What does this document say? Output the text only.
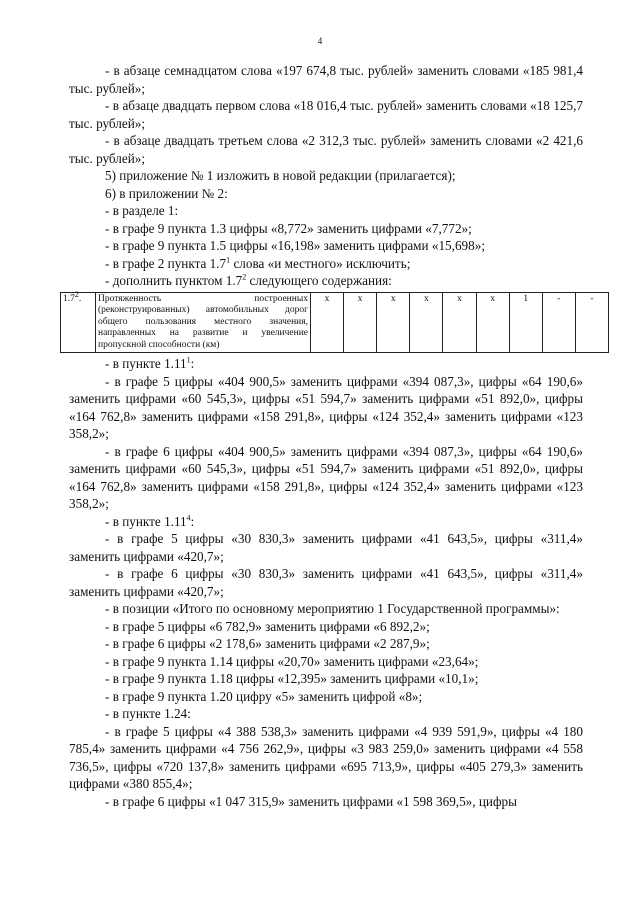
4

- в абзаце семнадцатом слова «197 674,8 тыс. рублей» заменить словами «185 981,4 тыс. рублей»;

- в абзаце двадцать первом слова «18 016,4 тыс. рублей» заменить словами «18 125,7 тыс. рублей»;

- в абзаце двадцать третьем слова «2 312,3 тыс. рублей» заменить словами «2 421,6 тыс. рублей»;

5) приложение № 1 изложить в новой редакции (прилагается);

6) в приложении № 2:

- в разделе 1:

- в графе 9 пункта 1.3 цифры «8,772» заменить цифрами «7,772»;

- в графе 9 пункта 1.5 цифры «16,198» заменить цифрами «15,698»;

- в графе 2 пункта $1.7^1$ слова «и местного» исключить;

- дополнить пунктом $1.7^2$ следующего содержания:

$1.7^2$.	Протяженность построенных (реконструированных) автомобильных дорог общего пользования местного значения, направленных на развитие и увеличение пропускной способности (км)	x	x	x	x	x	x	1	-	-

- в пункте 1.11$^1$:

- в графе 5 цифры «404 900,5» заменить цифрами «394 087,3», цифры «64 190,6» заменить цифрами «60 545,3», цифры «51 594,7» заменить цифрами «51 892,0», цифры «164 762,8» заменить цифрами «158 291,8», цифры «124 352,4» заменить цифрами «123 358,2»;

- в графе 6 цифры «404 900,5» заменить цифрами «394 087,3», цифры «64 190,6» заменить цифрами «60 545,3», цифры «51 594,7» заменить цифрами «51 892,0», цифры «164 762,8» заменить цифрами «158 291,8», цифры «124 352,4» заменить цифрами «123 358,2»;

- в пункте 1.11$^4$:

- в графе 5 цифры «30 830,3» заменить цифрами «41 643,5», цифры «311,4» заменить цифрами «420,7»;

- в графе 6 цифры «30 830,3» заменить цифрами «41 643,5», цифры «311,4» заменить цифрами «420,7»;

- в позиции «Итого по основному мероприятию 1 Государственной программы»:

- в графе 5 цифры «6 782,9» заменить цифрами «6 892,2»;

- в графе 6 цифры «2 178,6» заменить цифрами «2 287,9»;

- в графе 9 пункта 1.14 цифры «20,70» заменить цифрами «23,64»;

- в графе 9 пункта 1.18 цифры «12,395» заменить цифрами «10,1»;

- в графе 9 пункта 1.20 цифру «5» заменить цифрой «8»;

- в пункте 1.24:

- в графе 5 цифры «4 388 538,3» заменить цифрами «4 939 591,9», цифры «4 180 785,4» заменить цифрами «4 756 262,9», цифры «3 983 259,0» заменить цифрами «4 558 736,5», цифры «720 137,8» заменить цифрами «695 713,9», цифры «405 279,3» заменить цифрами «380 855,4»;

- в графе 6 цифры «1 047 315,9» заменить цифрами «1 598 369,5», цифры
